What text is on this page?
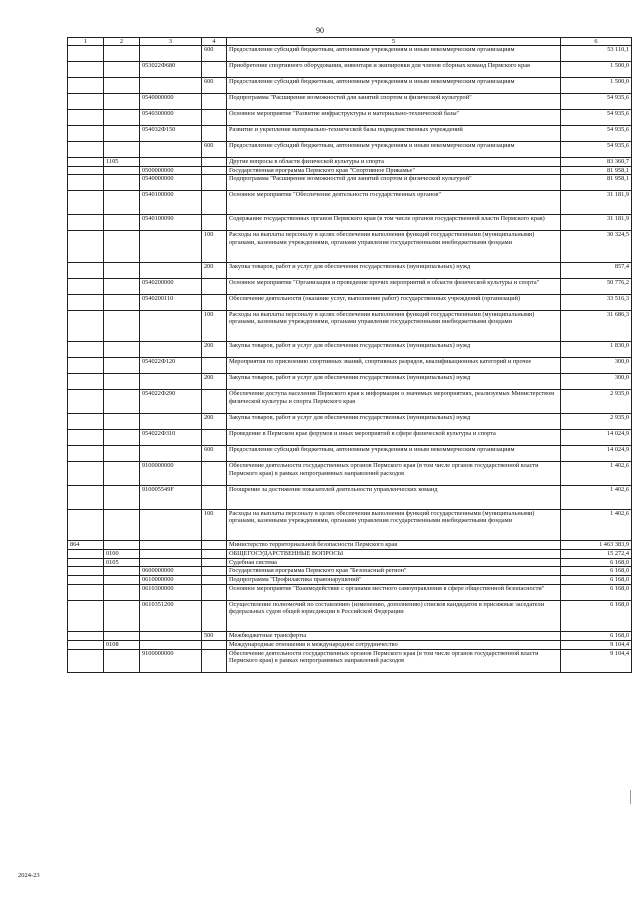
90
1	2	3	4	5	6
			600	Предоставление субсидий бюджетным, автономным учреждениям и иным некоммерческим организациям	53 110,1
		053022Ф680		Приобретение спортивного оборудования, инвентаря и экипировки для членов сборных команд Пермского края	1 500,0
			600	Предоставление субсидий бюджетным, автономным учреждениям и иным некоммерческим организациям	1 500,0
		0540000000		Подпрограмма "Расширение возможностей для занятий спортом и физической культурой"	54 935,6
		0540300000		Основное мероприятие "Развитие инфраструктуры и материально-технической базы"	54 935,6
		054032Ф150		Развитие и укрепление материально-технической базы подведомственных учреждений	54 935,6
			600	Предоставление субсидий бюджетным, автономным учреждениям и иным некоммерческим организациям	54 935,6
	1105			Другие вопросы в области физической культуры и спорта	83 360,7
		0500000000		Государственная программа Пермского края "Спортивное Прикамье"	81 958,1
		0540000000		Подпрограмма "Расширение возможностей для занятий спортом и физической культурой"	81 958,1
		0540100000		Основное мероприятие "Обеспечение деятельности государственных органов"	31 181,9
		0540100090		Содержание государственных органов Пермского края (в том числе органов государственной власти Пермского края)	31 181,9
			100	Расходы на выплаты персоналу в целях обеспечения выполнения функций государственными (муниципальными) органами, казенными учреждениями, органами управления государственными внебюджетными фондами	30 324,5
			200	Закупка товаров, работ и услуг для обеспечения государственных (муниципальных) нужд	857,4
		0540200000		Основное мероприятие "Организация и проведение прочих мероприятий в области физической культуры и спорта"	50 776,2
		0540200110		Обеспечение деятельности (оказание услуг, выполнение работ) государственных учреждений (организаций)	33 516,3
			100	Расходы на выплаты персоналу в целях обеспечения выполнения функций государственными (муниципальными) органами, казенными учреждениями, органами управления государственными внебюджетными фондами	31 686,3
			200	Закупка товаров, работ и услуг для обеспечения государственных (муниципальных) нужд	1 830,0
		054022Ф120		Мероприятия по присвоению спортивных званий, спортивных разрядов, квалификационных категорий и прочее	300,0
			200	Закупка товаров, работ и услуг для обеспечения государственных (муниципальных) нужд	300,0
		054022Ф290		Обеспечение доступа населения Пермского края к информации о значимых мероприятиях, реализуемых Министерством физической культуры и спорта Пермского края	2 935,0
			200	Закупка товаров, работ и услуг для обеспечения государственных (муниципальных) нужд	2 935,0
		054022Ф310		Проведение в Пермском крае форумов и иных мероприятий в сфере физической культуры и спорта	14 024,9
			600	Предоставление субсидий бюджетным, автономным учреждениям и иным некоммерческим организациям	14 024,9
		9100000000		Обеспечение деятельности государственных органов Пермского края (в том числе органов государственной власти Пермского края) в рамках непрограммных направлений расходов	1 402,6
		910005549F		Поощрение за достижение показателей деятельности управленческих команд	1 402,6
			100	Расходы на выплаты персоналу в целях обеспечения выполнения функций государственными (муниципальными) органами, казенными учреждениями, органами управления государственными внебюджетными фондами	1 402,6
864				Министерство территориальной безопасности Пермского края	1 463 383,9
	0100			ОБЩЕГОСУДАРСТВЕННЫЕ ВОПРОСЫ	15 272,4
	0105			Судебная система	6 168,0
		0600000000		Государственная программа Пермского края "Безопасный регион"	6 168,0
		0610000000		Подпрограмма "Профилактика правонарушений"	6 168,0
		0610300000		Основное мероприятие "Взаимодействие с органами местного самоуправления в сфере общественной безопасности"	6 168,0
		0610351200		Осуществление полномочий по составлению (изменению, дополнению) списков кандидатов в присяжные заседатели федеральных судов общей юрисдикции в Российской Федерации	6 168,0
			500	Межбюджетные трансферты	6 168,0
	0108			Международные отношения и международное сотрудничество	9 104,4
		9100000000		Обеспечение деятельности государственных органов Пермского края (в том числе органов государственной власти Пермского края) в рамках непрограммных направлений расходов	9 104,4
2024-23
